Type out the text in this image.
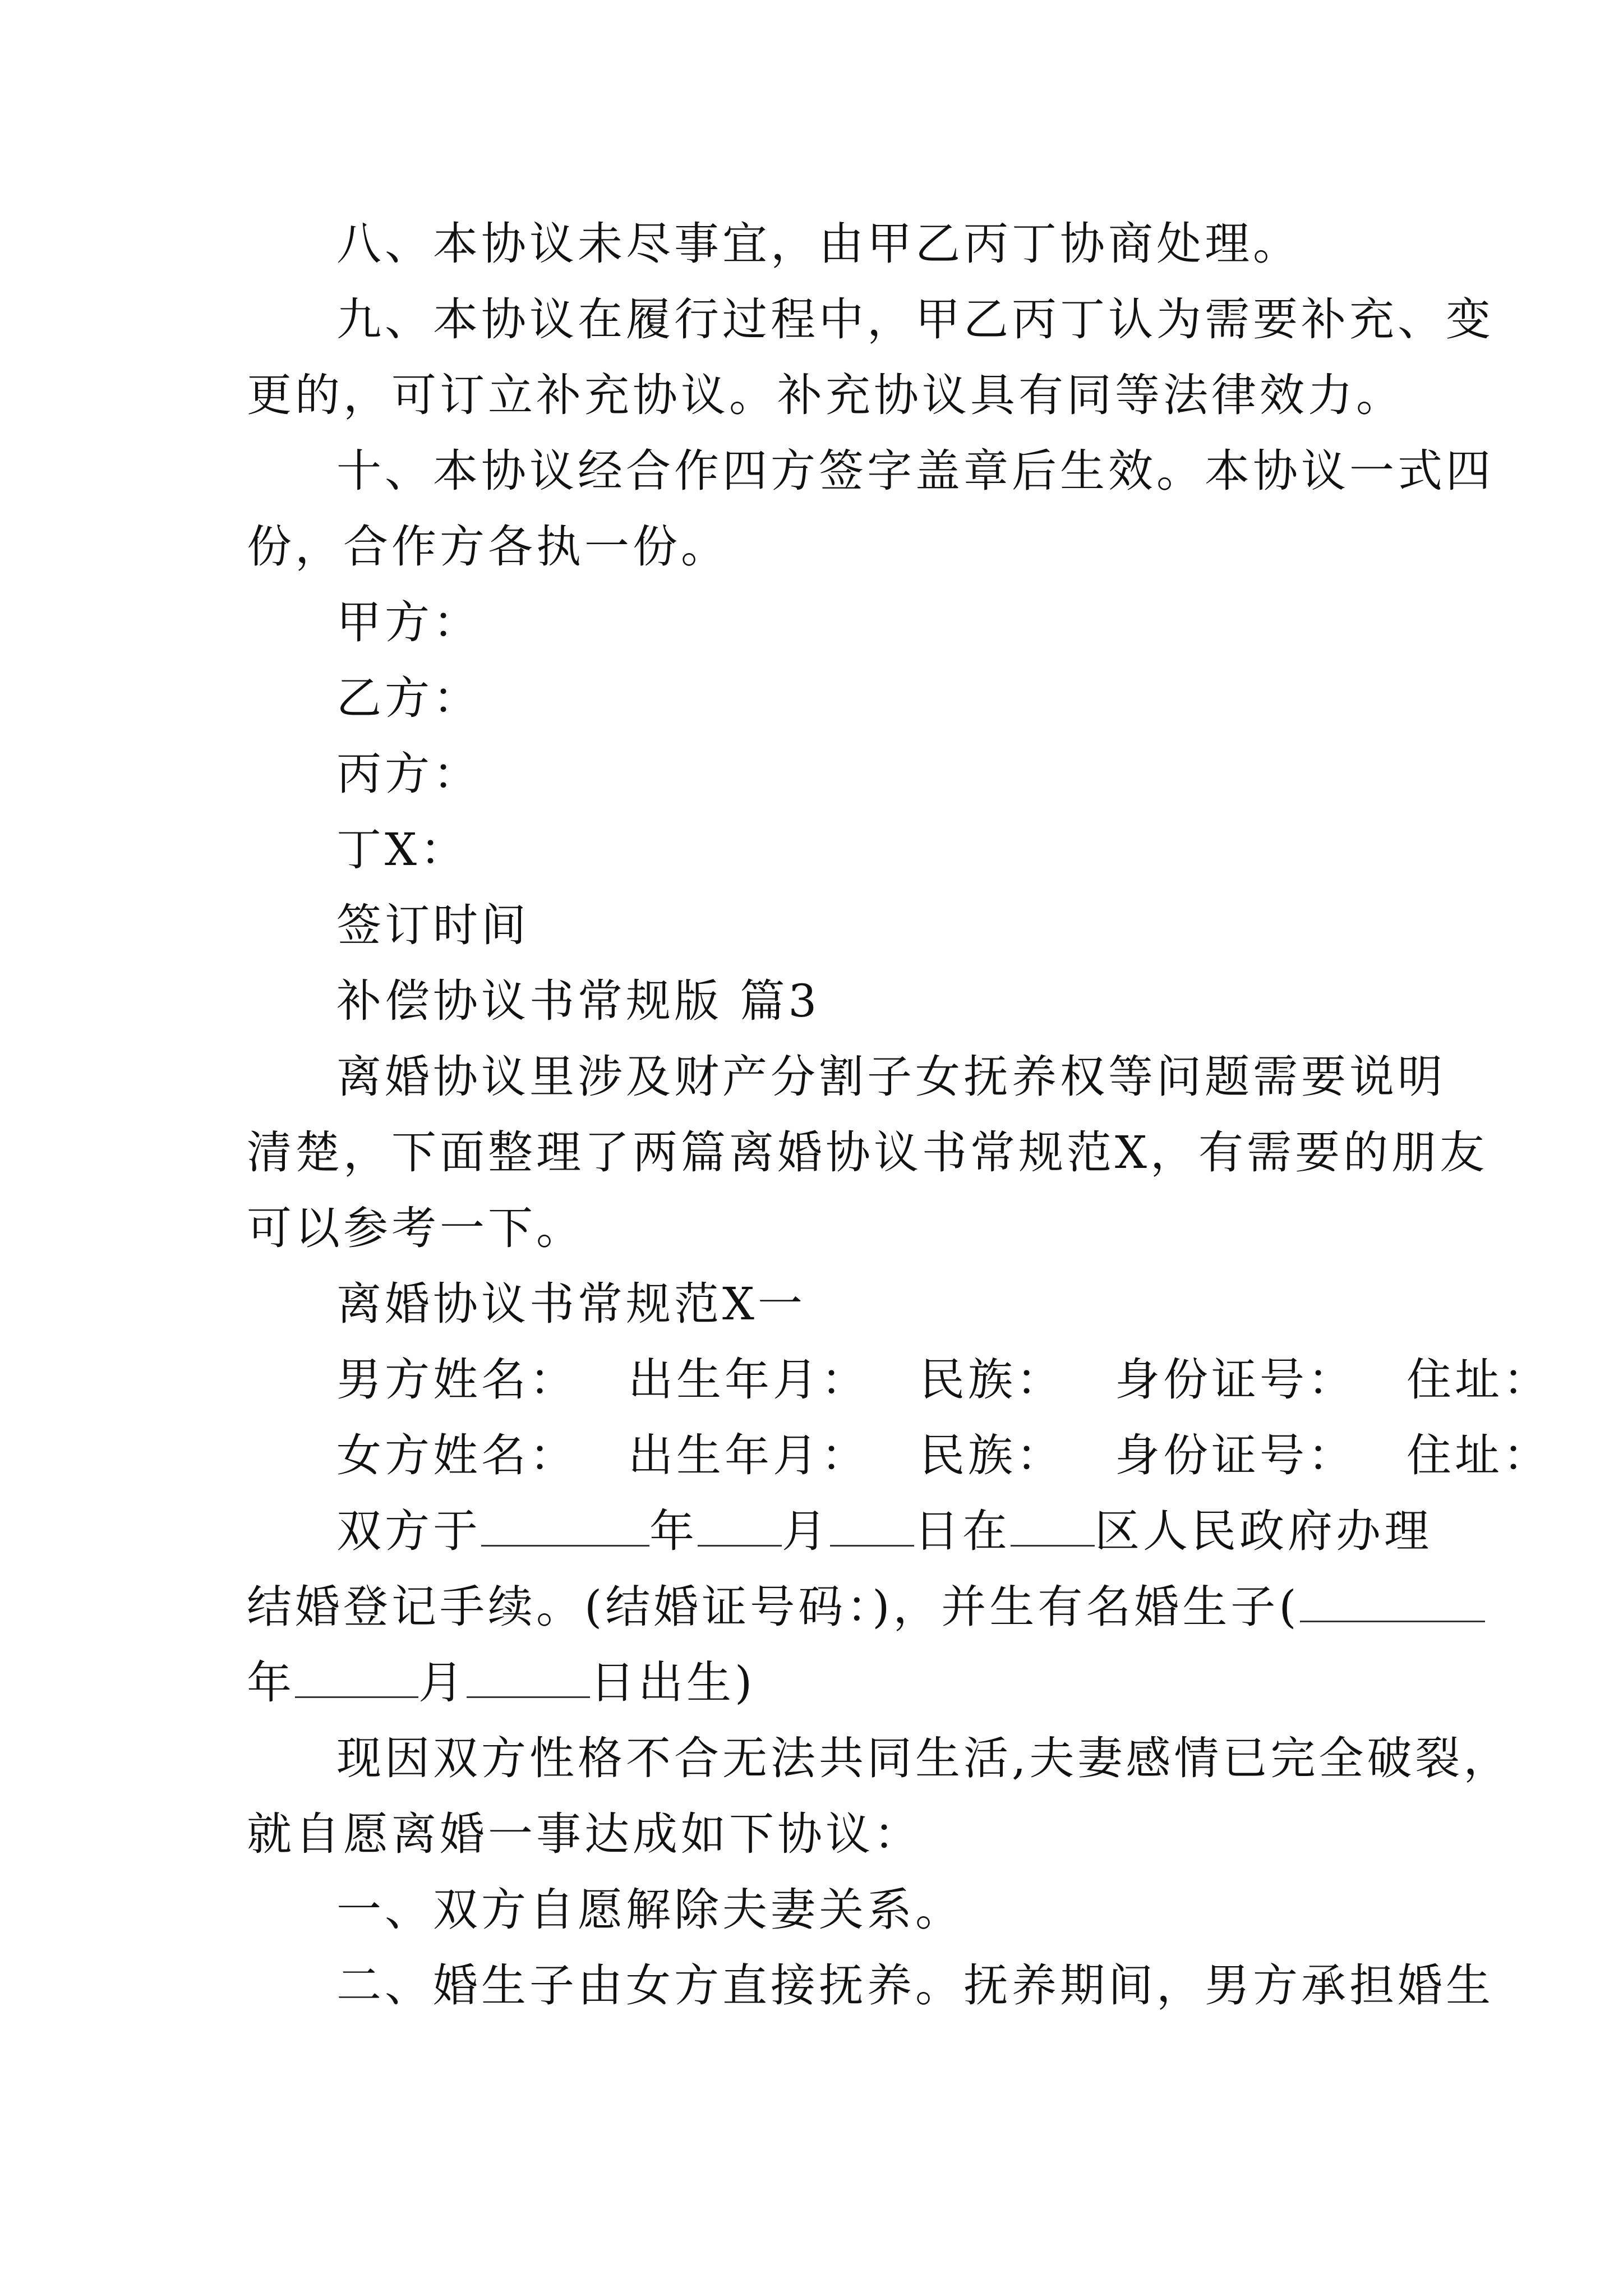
八、本协议未尽事宜，由甲乙丙丁协商处理。
九、本协议在履行过程中，甲乙丙丁认为需要补充、变
更的，可订立补充协议。补充协议具有同等法律效力。
十、本协议经合作四方签字盖章后生效。本协议一式四
份，合作方各执一份。
甲方：
乙方：
丙方：
丁X：
签订时间
补偿协议书常规版 篇3
离婚协议里涉及财产分割子女抚养权等问题需要说明
清楚，下面整理了两篇离婚协议书常规范X，有需要的朋友
可以参考一下。
离婚协议书常规范X一
男方姓名： 出生年月： 民族： 身份证号： 住址：
女方姓名： 出生年月： 民族： 身份证号： 住址：
双方于	年 月 日在 区人民政府办理
结婚登记手续。(结婚证号码：)，并生有名婚生子(
年	月	日出生)
现因双方性格不合无法共同生活,夫妻感情已完全破裂，
就自愿离婚一事达成如下协议：
一、双方自愿解除夫妻关系。
二、婚生子由女方直接抚养。抚养期间，男方承担婚生
